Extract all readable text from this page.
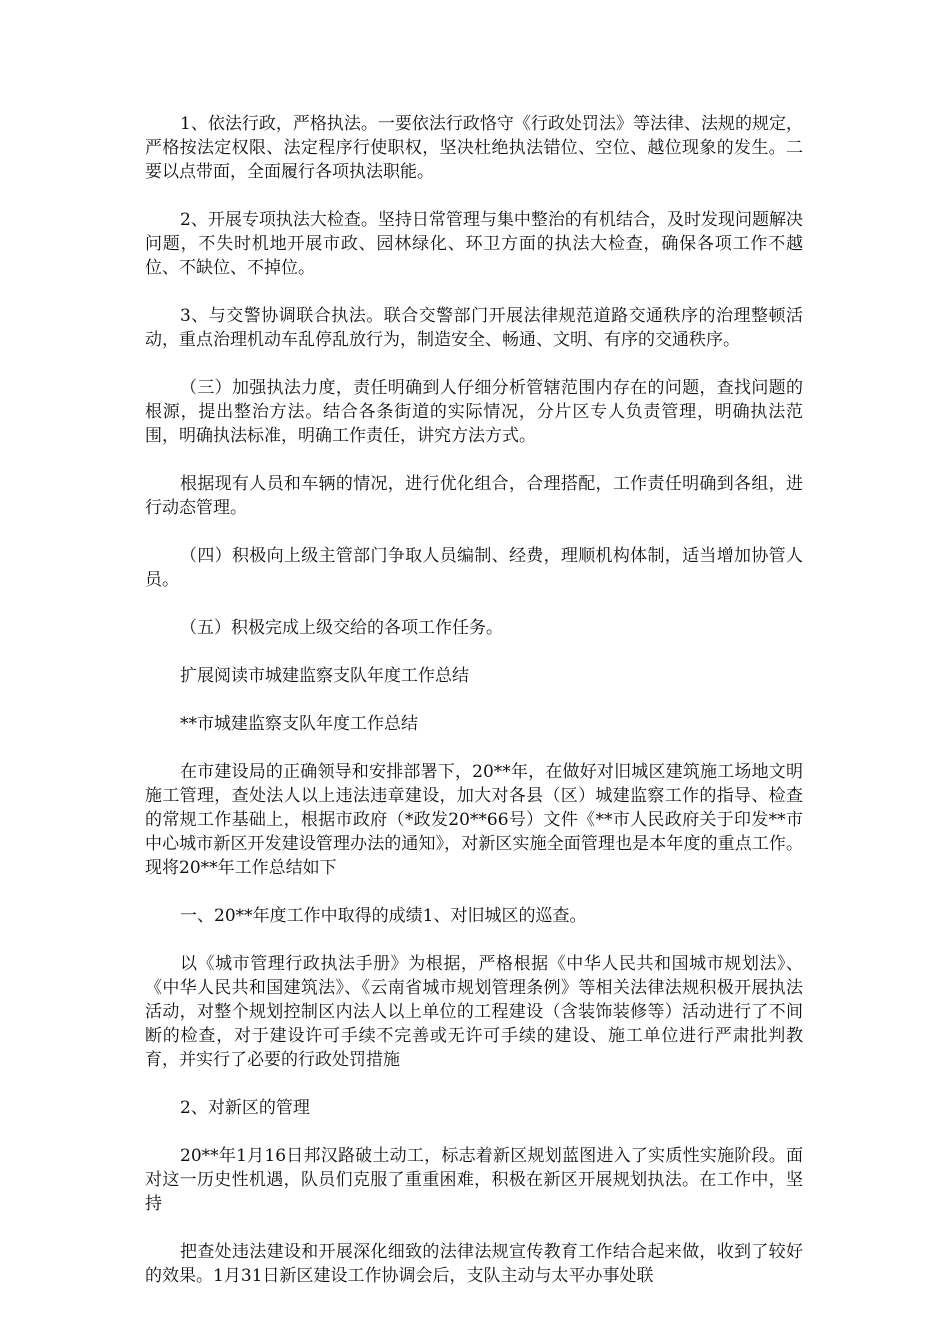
1、依法行政，严格执法。一要依法行政恪守《行政处罚法》等法律、法规的规定，严格按法定权限、法定程序行使职权，坚决杜绝执法错位、空位、越位现象的发生。二要以点带面，全面履行各项执法职能。

2、开展专项执法大检查。坚持日常管理与集中整治的有机结合，及时发现问题解决问题，不失时机地开展市政、园林绿化、环卫方面的执法大检查，确保各项工作不越位、不缺位、不掉位。

3、与交警协调联合执法。联合交警部门开展法律规范道路交通秩序的治理整顿活动，重点治理机动车乱停乱放行为，制造安全、畅通、文明、有序的交通秩序。

（三）加强执法力度，责任明确到人仔细分析管辖范围内存在的问题，查找问题的根源，提出整治方法。结合各条街道的实际情况，分片区专人负责管理，明确执法范围，明确执法标准，明确工作责任，讲究方法方式。

根据现有人员和车辆的情况，进行优化组合，合理搭配，工作责任明确到各组，进行动态管理。

（四）积极向上级主管部门争取人员编制、经费，理顺机构体制，适当增加协管人员。

（五）积极完成上级交给的各项工作任务。

扩展阅读市城建监察支队年度工作总结

**市城建监察支队年度工作总结

在市建设局的正确领导和安排部署下，20**年，在做好对旧城区建筑施工场地文明施工管理，查处法人以上违法违章建设，加大对各县（区）城建监察工作的指导、检查的常规工作基础上，根据市政府（*政发20**66号）文件《**市人民政府关于印发**市中心城市新区开发建设管理办法的通知》，对新区实施全面管理也是本年度的重点工作。现将20**年工作总结如下

一、20**年度工作中取得的成绩1、对旧城区的巡查。

以《城市管理行政执法手册》为根据，严格根据《中华人民共和国城市规划法》、《中华人民共和国建筑法》、《云南省城市规划管理条例》等相关法律法规积极开展执法活动，对整个规划控制区内法人以上单位的工程建设（含装饰装修等）活动进行了不间断的检查，对于建设许可手续不完善或无许可手续的建设、施工单位进行严肃批判教育，并实行了必要的行政处罚措施

2、对新区的管理

20**年1月16日邦汉路破土动工，标志着新区规划蓝图进入了实质性实施阶段。面对这一历史性机遇，队员们克服了重重困难，积极在新区开展规划执法。在工作中，坚持

把查处违法建设和开展深化细致的法律法规宣传教育工作结合起来做，收到了较好的效果。1月31日新区建设工作协调会后，支队主动与太平办事处联
